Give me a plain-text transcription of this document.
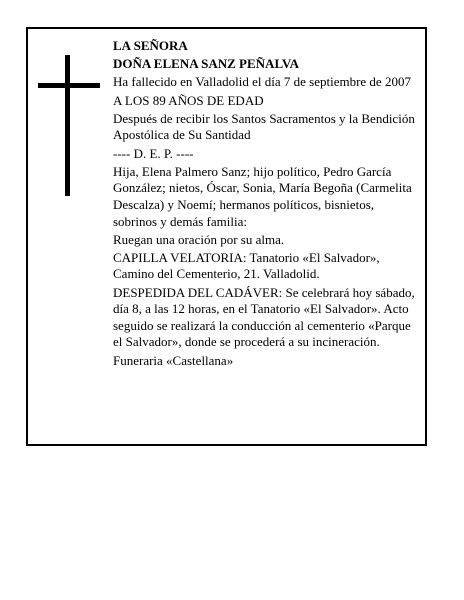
LA SEÑORA

DOÑA ELENA SANZ PEÑALVA

Ha fallecido en Valladolid el día 7 de septiembre de 2007

A LOS 89 AÑOS DE EDAD

Después de recibir los Santos Sacramentos y la Bendición Apostólica de Su Santidad

---- D. E. P. ----

Hija, Elena Palmero Sanz; hijo político, Pedro García González; nietos, Óscar, Sonia, María Begoña (Carmelita Descalza) y Noemí; hermanos políticos, bisnietos, sobrinos y demás familia:

Ruegan una oración por su alma.

CAPILLA VELATORIA: Tanatorio «El Salvador», Camino del Cementerio, 21. Valladolid.

DESPEDIDA DEL CADÁVER: Se celebrará hoy sábado, día 8, a las 12 horas, en el Tanatorio «El Salvador». Acto seguido se realizará la conducción al cementerio «Parque el Salvador», donde se procederá a su incineración.

Funeraria «Castellana»
